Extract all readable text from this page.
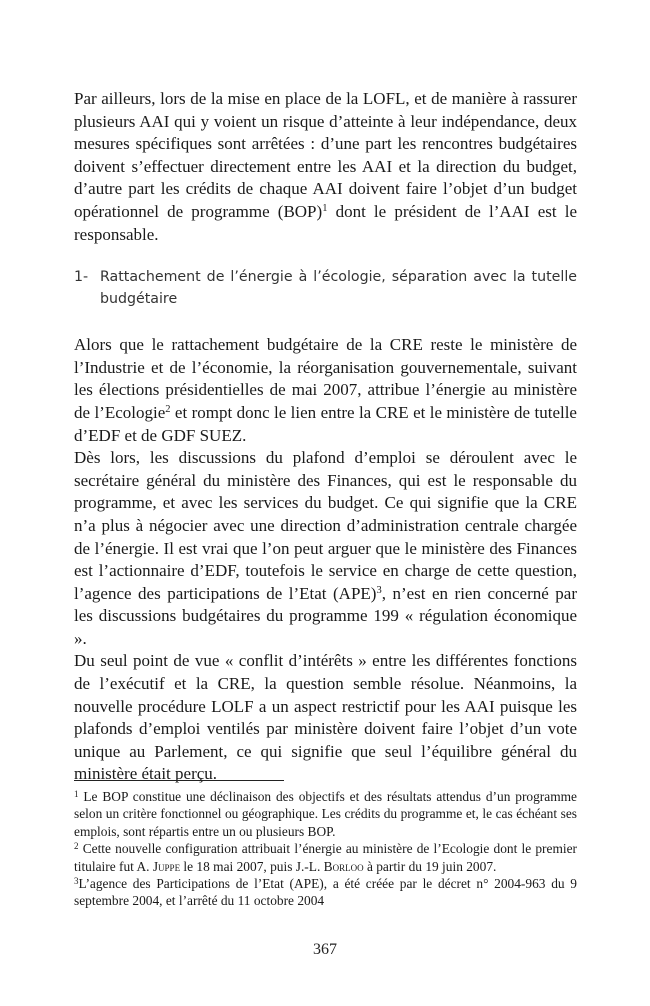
Par ailleurs, lors de la mise en place de la LOFL, et de manière à rassurer plusieurs AAI qui y voient un risque d’atteinte à leur indépendance, deux mesures spécifiques sont arrêtées : d’une part les rencontres budgétaires doivent s’effectuer directement entre les AAI et la direction du budget, d’autre part les crédits de chaque AAI doivent faire l’objet d’un budget opérationnel de programme (BOP)$^1$ dont le président de l’AAI est le responsable.

1- Rattachement de l’énergie à l’écologie, séparation avec la tutelle budgétaire

Alors que le rattachement budgétaire de la CRE reste le ministère de l’Industrie et de l’économie, la réorganisation gouvernementale, suivant les élections présidentielles de mai 2007, attribue l’énergie au ministère de l’Ecologie$^2$ et rompt donc le lien entre la CRE et le ministère de tutelle d’EDF et de GDF SUEZ.

Dès lors, les discussions du plafond d’emploi se déroulent avec le secrétaire général du ministère des Finances, qui est le responsable du programme, et avec les services du budget. Ce qui signifie que la CRE n’a plus à négocier avec une direction d’administration centrale chargée de l’énergie. Il est vrai que l’on peut arguer que le ministère des Finances est l’actionnaire d’EDF, toutefois le service en charge de cette question, l’agence des participations de l’Etat (APE)$^3$, n’est en rien concerné par les discussions budgétaires du programme 199 « régulation économique ».

Du seul point de vue « conflit d’intérêts » entre les différentes fonctions de l’exécutif et la CRE, la question semble résolue. Néanmoins, la nouvelle procédure LOLF a un aspect restrictif pour les AAI puisque les plafonds d’emploi ventilés par ministère doivent faire l’objet d’un vote unique au Parlement, ce qui signifie que seul l’équilibre général du ministère était perçu.

$^1$ Le BOP constitue une déclinaison des objectifs et des résultats attendus d’un programme selon un critère fonctionnel ou géographique. Les crédits du programme et, le cas échéant ses emplois, sont répartis entre un ou plusieurs BOP.

$^2$ Cette nouvelle configuration attribuait l’énergie au ministère de l’Ecologie dont le premier titulaire fut A. Juppe le 18 mai 2007, puis J.-L. Borloo à partir du 19 juin 2007.

$^3$L’agence des Participations de l’Etat (APE), a été créée par le décret n° 2004-963 du 9 septembre 2004, et l’arrêté du 11 octobre 2004

367
